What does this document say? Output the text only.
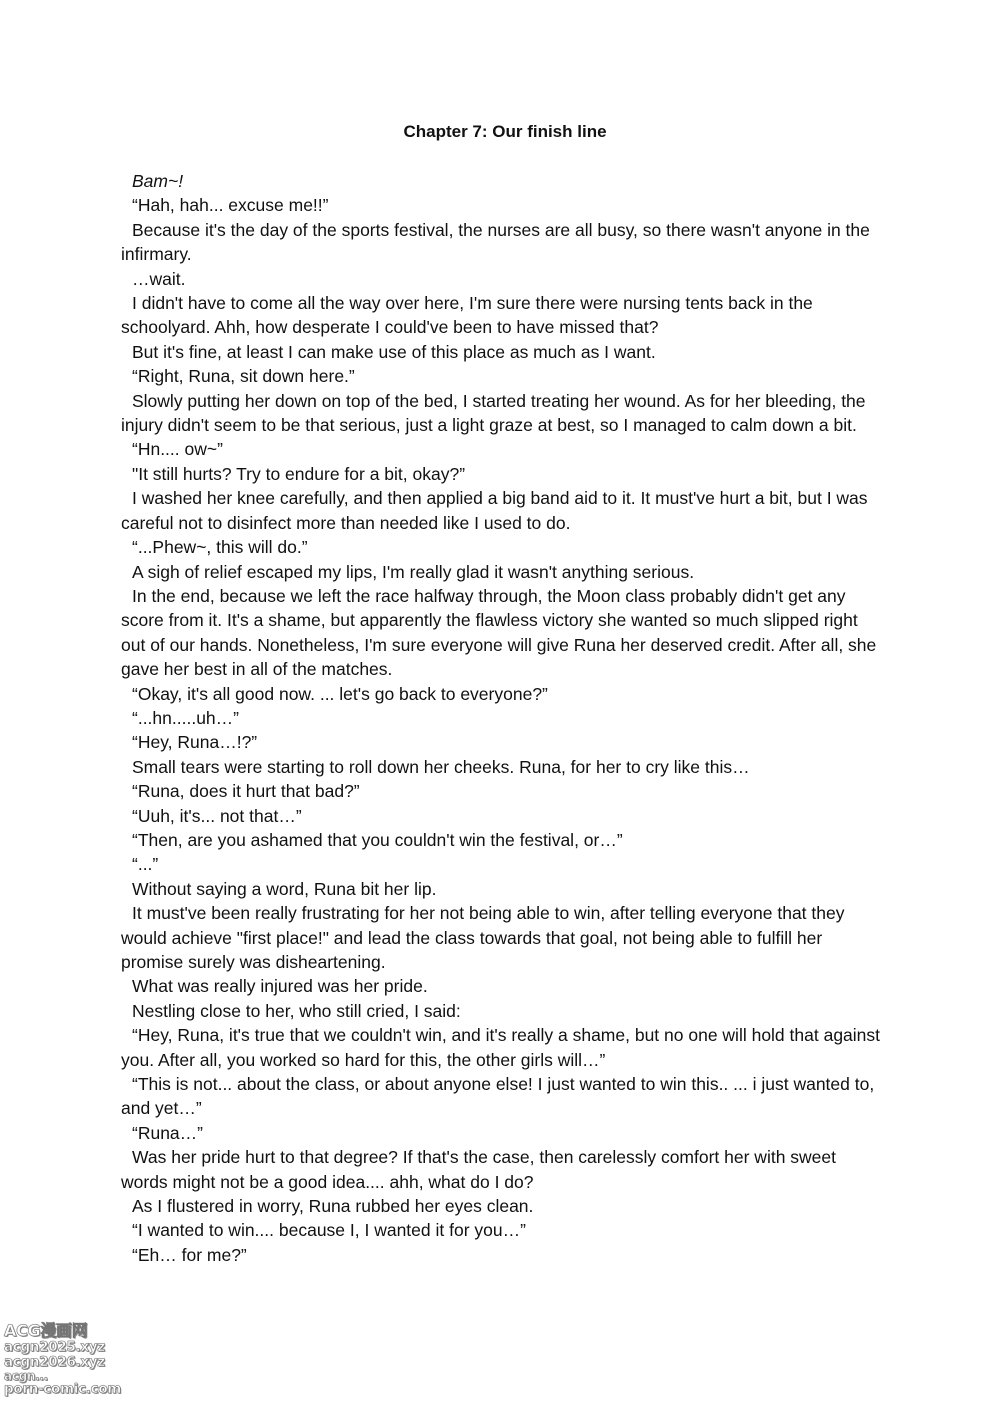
Chapter 7: Our finish line

Bam~!

“Hah, hah... excuse me!!”

Because it's the day of the sports festival, the nurses are all busy, so there wasn't anyone in the infirmary.

…wait.

I didn't have to come all the way over here, I'm sure there were nursing tents back in the schoolyard. Ahh, how desperate I could've been to have missed that?

But it's fine, at least I can make use of this place as much as I want.

“Right, Runa, sit down here.”

Slowly putting her down on top of the bed, I started treating her wound. As for her bleeding, the injury didn't seem to be that serious, just a light graze at best, so I managed to calm down a bit.

“Hn.... ow~”

"It still hurts? Try to endure for a bit, okay?”

I washed her knee carefully, and then applied a big band aid to it. It must've hurt a bit, but I was careful not to disinfect more than needed like I used to do.

“...Phew~, this will do.”

A sigh of relief escaped my lips, I'm really glad it wasn't anything serious.

In the end, because we left the race halfway through, the Moon class probably didn't get any score from it. It's a shame, but apparently the flawless victory she wanted so much slipped right out of our hands. Nonetheless, I'm sure everyone will give Runa her deserved credit. After all, she gave her best in all of the matches.

“Okay, it's all good now. ... let's go back to everyone?”

“...hn.....uh…”

“Hey, Runa…!?”

Small tears were starting to roll down her cheeks. Runa, for her to cry like this…

“Runa, does it hurt that bad?”

“Uuh, it's... not that…”

“Then, are you ashamed that you couldn't win the festival, or…”

“...”

Without saying a word, Runa bit her lip.

It must've been really frustrating for her not being able to win, after telling everyone that they would achieve "first place!" and lead the class towards that goal, not being able to fulfill her promise surely was disheartening.

What was really injured was her pride.

Nestling close to her, who still cried, I said:

“Hey, Runa, it's true that we couldn't win, and it's really a shame, but no one will hold that against you. After all, you worked so hard for this, the other girls will…”

“This is not... about the class, or about anyone else! I just wanted to win this.. ... i just wanted to, and yet…”

“Runa…”

Was her pride hurt to that degree? If that's the case, then carelessly comfort her with sweet words might not be a good idea.... ahh, what do I do?

As I flustered in worry, Runa rubbed her eyes clean.

“I wanted to win.... because I, I wanted it for you…”

“Eh… for me?”

ACG漫画网
acgn2025.xyz
acgn2026.xyz
acgn...
porn-comic.com
